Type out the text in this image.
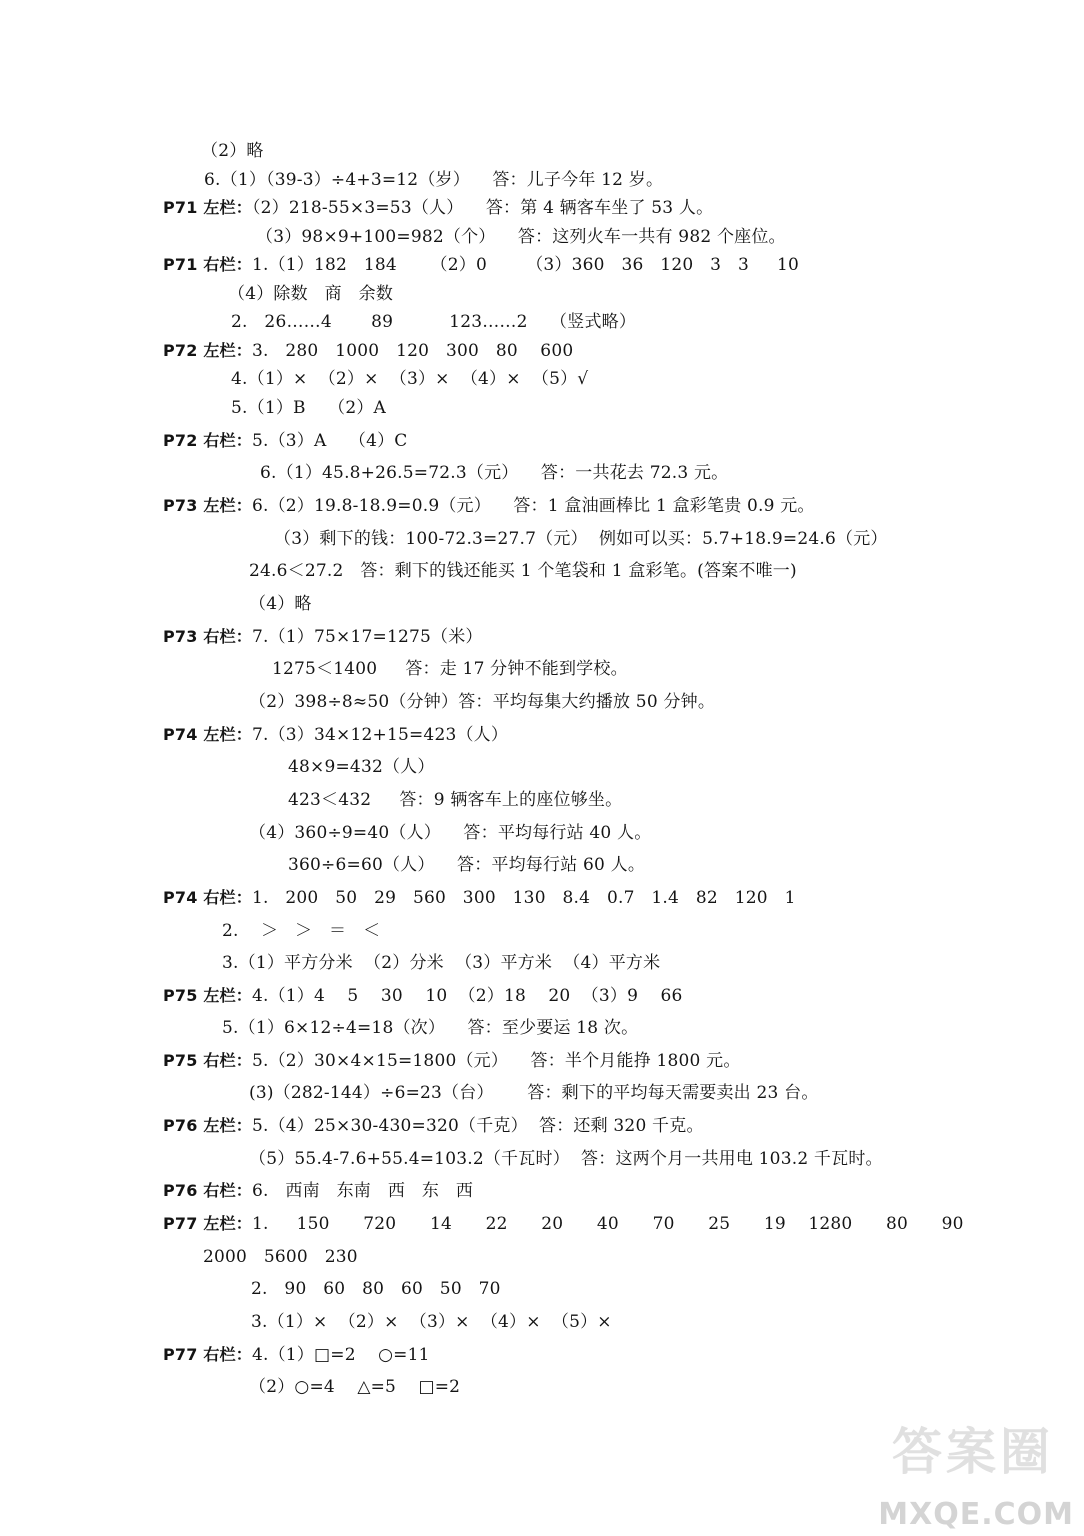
（2）略
6.（1）（39-3）÷4+3=12（岁）    答：儿子今年 12 岁。
P71 左栏：（2）218-55×3=53（人）    答：第 4 辆客车坐了 53 人。
（3）98×9+100=982（个）    答：这列火车一共有 982 个座位。
P71 右栏：1.（1）182   184      （2）0       （3）360   36   120   3   3     10
（4）除数   商   余数
2.   26……4       89          123……2    （竖式略）
P72 左栏：3.   280   1000   120   300   80    600
4.（1）×  （2）×  （3）×  （4）×  （5）√
5.（1）B    （2）A
P72 右栏：5.（3）A    （4）C
6.（1）45.8+26.5=72.3（元）    答：一共花去 72.3 元。
P73 左栏：6.（2）19.8-18.9=0.9（元）    答：1 盒油画棒比 1 盒彩笔贵 0.9 元。
（3）剩下的钱：100-72.3=27.7（元）  例如可以买：5.7+18.9=24.6（元）
24.6＜27.2   答：剩下的钱还能买 1 个笔袋和 1 盒彩笔。(答案不唯一)
（4）略
P73 右栏：7.（1）75×17=1275（米）
1275＜1400     答：走 17 分钟不能到学校。
（2）398÷8≈50（分钟）答：平均每集大约播放 50 分钟。
P74 左栏：7.（3）34×12+15=423（人）
48×9=432（人）
423＜432     答：9 辆客车上的座位够坐。
（4）360÷9=40（人）    答：平均每行站 40 人。
360÷6=60（人）    答：平均每行站 60 人。
P74 右栏：1.   200   50   29   560   300   130   8.4   0.7   1.4   82   120   1
2.    ＞   ＞   ＝   ＜
3.（1）平方分米  （2）分米  （3）平方米  （4）平方米
P75 左栏：4.（1）4    5    30    10  （2）18    20  （3）9    66
5.（1）6×12÷4=18（次）    答：至少要运 18 次。
P75 右栏：5.（2）30×4×15=1800（元）    答：半个月能挣 1800 元。
(3)（282-144）÷6=23（台）      答：剩下的平均每天需要卖出 23 台。
P76 左栏：5.（4）25×30-430=320（千克）  答：还剩 320 千克。
（5）55.4-7.6+55.4=103.2（千瓦时）  答：这两个月一共用电 103.2 千瓦时。
P76 右栏：6.   西南   东南   西   东   西
P77 左栏：1.     150      720      14      22      20      40      70      25      19    1280      80      90
2000   5600   230
2.   90   60   80   60   50   70
3.（1）×  （2）×  （3）×  （4）×  （5）×
P77 右栏：4.（1）□=2    ○=11
（2）○=4    △=5    □=2
答案圈
MXQE.COM
